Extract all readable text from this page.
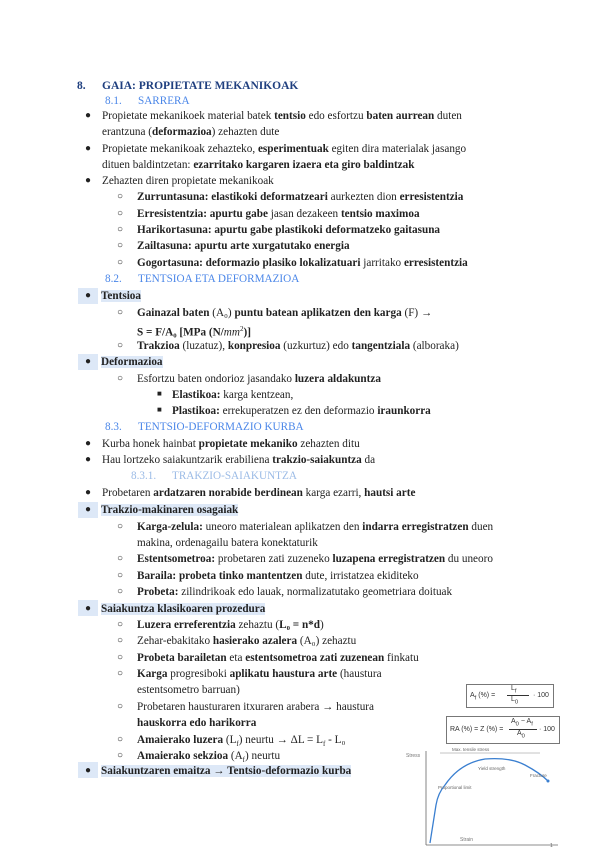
8. GAIA: PROPIETATE MEKANIKOAK
8.1. SARRERA
● Propietate mekanikoek material batek tentsio edo esfortzu baten aurrean duten
erantzuna (deformazioa) zehazten dute
● Propietate mekanikoak zehazteko, esperimentuak egiten dira materialak jasango
dituen baldintzetan: ezarritako kargaren izaera eta giro baldintzak
● Zehazten diren propietate mekanikoak
○ Zurruntasuna: elastikoki deformatzeari aurkezten dion erresistentzia
○ Erresistentzia: apurtu gabe jasan dezakeen tentsio maximoa
○ Harikortasuna: apurtu gabe plastikoki deformatzeko gaitasuna
○ Zailtasuna: apurtu arte xurgatutako energia
○ Gogortasuna: deformazio plasiko lokalizatuari jarritako erresistentzia
8.2. TENTSIOA ETA DEFORMAZIOA
● Tentsioa
○ Gainazal baten (A₀) puntu batean aplikatzen den karga (F) →
S = F/A₀ [MPa $(N/mm^2)$]
○ Trakzioa (luzatuz), konpresioa (uzkurtuz) edo tangentziala (alboraka)
● Deformazioa
○ Esfortzu baten ondorioz jasandako luzera aldakuntza
■ Elastikoa: karga kentzean,
■ Plastikoa: errekuperatzen ez den deformazio iraunkorra
8.3. TENTSIO-DEFORMAZIO KURBA
● Kurba honek hainbat propietate mekaniko zehazten ditu
● Hau lortzeko saiakuntzarik erabiliena trakzio-saiakuntza da
8.3.1. TRAKZIO-SAIAKUNTZA
● Probetaren ardatzaren norabide berdinean karga ezarri, hautsi arte
● Trakzio-makinaren osagaiak
○ Karga-zelula: uneoro materialean aplikatzen den indarra erregistratzen duen
makina, ordenagailu batera konektaturik
○ Estentsometroa: probetaren zati zuzeneko luzapena erregistratzen du uneoro
○ Baraila: probeta tinko mantentzen dute, irristatzea ekiditeko
○ Probeta: zilindrikoak edo lauak, normalizatutako geometriara doituak
● Saiakuntza klasikoaren prozedura
○ Luzera erreferentzia zehaztu (L₀ = n*d)
○ Zehar-ebakitako hasierako azalera (A₀) zehaztu
○ Probeta barailetan eta estentsometroa zati zuzenean finkatu
○ Karga progresiboki aplikatu haustura arte (haustura
estentsometro barruan)
○ Probetaren hausturaren itxuraren arabera → haustura
hauskorra edo harikorra
○ Amaierako luzera $(L_f)$ neurtu → $\Delta L = L_f - L_0$
○ Amaierako sekzioa $(A_f)$ neurtu
● Saiakuntzaren emaitza → Tentsio-deformazio kurba
$A_f$ (%) =
$L_f$
$L_0$
· 100
RA (%) = Z (%) =
$A_0 - A_f$
$A_0$
· 100
Stress
Strain
Max. tensile stress
Yield strength
Proportional limit
Fracture
1
